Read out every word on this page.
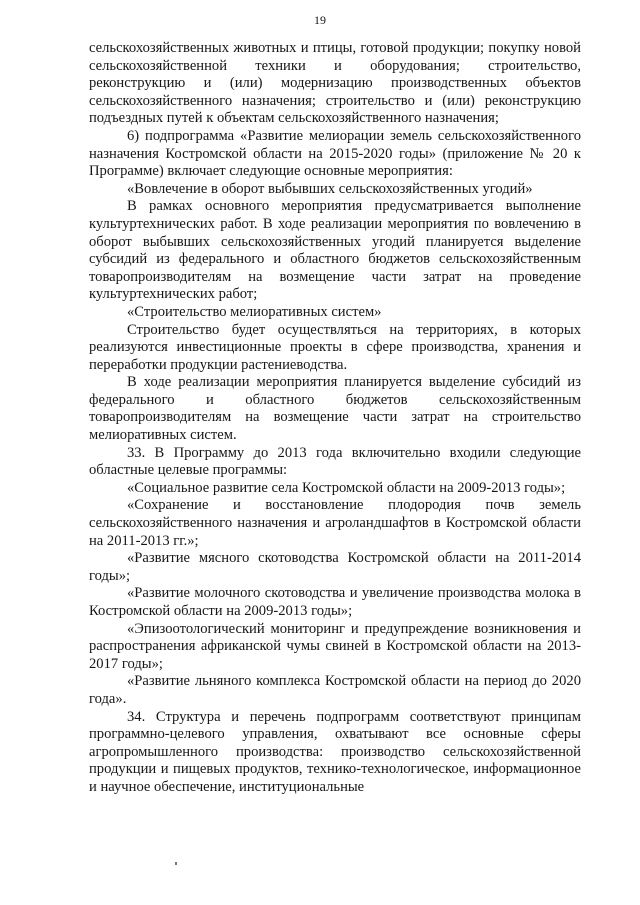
19

сельскохозяйственных животных и птицы, готовой продукции; покупку новой сельскохозяйственной техники и оборудования; строительство, реконструкцию и (или) модернизацию производственных объектов сельскохозяйственного назначения; строительство и (или) реконструкцию подъездных путей к объектам сельскохозяйственного назначения;

6) подпрограмма «Развитие мелиорации земель сельскохозяйственного назначения Костромской области на 2015-2020 годы» (приложение № 20 к Программе) включает следующие основные мероприятия:

«Вовлечение в оборот выбывших сельскохозяйственных угодий»

В рамках основного мероприятия предусматривается выполнение культуртехнических работ. В ходе реализации мероприятия по вовлечению в оборот выбывших сельскохозяйственных угодий планируется выделение субсидий из федерального и областного бюджетов сельскохозяйственным товаропроизводителям на возмещение части затрат на проведение культуртехнических работ;

«Строительство мелиоративных систем»

Строительство будет осуществляться на территориях, в которых реализуются инвестиционные проекты в сфере производства, хранения и переработки продукции растениеводства.

В ходе реализации мероприятия планируется выделение субсидий из федерального и областного бюджетов сельскохозяйственным товаропроизводителям на возмещение части затрат на строительство мелиоративных систем.

33. В Программу до 2013 года включительно входили следующие областные целевые программы:

«Социальное развитие села Костромской области на 2009-2013 годы»;

«Сохранение и восстановление плодородия почв земель сельскохозяйственного назначения и агроландшафтов в Костромской области на 2011-2013 гг.»;

«Развитие мясного скотоводства Костромской области на 2011-2014 годы»;

«Развитие молочного скотоводства и увеличение производства молока в Костромской области на 2009-2013 годы»;

«Эпизоотологический мониторинг и предупреждение возникновения и распространения африканской чумы свиней в Костромской области на 2013-2017 годы»;

«Развитие льняного комплекса Костромской области на период до 2020 года».

34. Структура и перечень подпрограмм соответствуют принципам программно-целевого управления, охватывают все основные сферы агропромышленного производства: производство сельскохозяйственной продукции и пищевых продуктов, технико-технологическое, информационное и научное обеспечение, институциональные
